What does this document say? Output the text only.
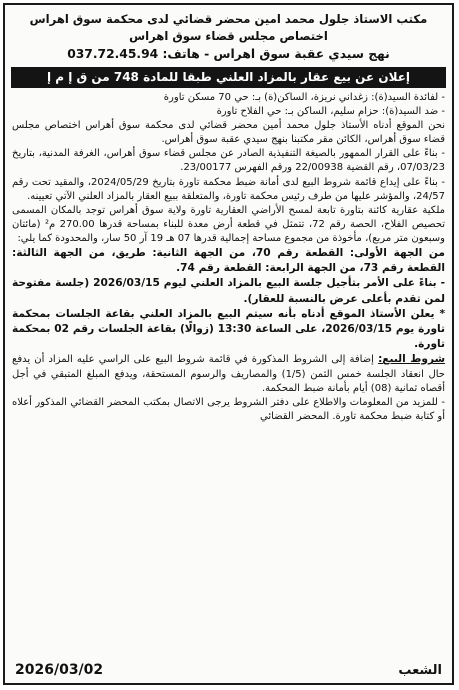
مكتب الاستاذ جلول محمد امين محضر قضائي لدى محكمة سوق اهراس
اختصاص مجلس قضاء سوق اهراس
نهج سيدي عقبة سوق اهراس - هاتف: 037.72.45.94
إعلان عن بيع عقار بالمزاد العلني طبقا للمادة 748 من ق إ م إ

- لفائدة السيد(ة): زغداني نريزة، الساكن(ة) بـ: حي 70 مسكن تاورة

- ضد السيد(ة): حزام سليم، الساكن بـ: حي الفلاح تاورة

نحن الموقع أدناه الأستاذ جلول محمد أمين محضر قضائي لدى محكمة سوق أهراس اختصاص مجلس قضاء سوق أهراس، الكائن مقر مكتبنا بنهج سيدي عقبة سوق أهراس.

- بناءً على القرار الممهور بالصيغة التنفيذية الصادر عن مجلس قضاء سوق أهراس، الغرفة المدنية، بتاريخ 07/03/23، رقم القضية 22/00938 ورقم الفهرس 23/00177.

- بناءً على إيداع قائمة شروط البيع لدى أمانة ضبط محكمة تاورة بتاريخ 2024/05/29، والمقيد تحت رقم 24/57، والمؤشر عليها من طرف رئيس محكمة تاورة، والمتعلقة ببيع العقار بالمزاد العلني الآتي تعيينه.

ملكية عقارية كائنة بتاورة تابعة لمسح الأراضي العقارية تاورة ولاية سوق أهراس توجد بالمكان المسمى تحصيص الفلاح، الحصة رقم 72، تتمثل في قطعة أرض معدة للبناء بمساحة قدرها 270.00 م² (مائتان وسبعون متر مربع)، مأخوذة من مجموع مساحة إجمالية قدرها 07 هـ 19 آر 50 سار، والمحدودة كما يلي:

من الجهة الأولى: القطعة رقم 70، من الجهة الثانية: طريق، من الجهة الثالثة: القطعة رقم 73، من الجهة الرابعة: القطعة رقم 74.

- بناءً على الأمر بتأجيل جلسة البيع بالمزاد العلني ليوم 2026/03/15 (جلسة مفتوحة لمن تقدم بأعلى عرض بالنسبة للعقار).

* يعلن الأستاذ الموقع أدناه بأنه سيتم البيع بالمزاد العلني بقاعة الجلسات بمحكمة تاورة يوم 2026/03/15، على الساعة 13:30 (زوالًا) بقاعة الجلسات رقم 02 بمحكمة تاورة.

شروط البيع: إضافة إلى الشروط المذكورة في قائمة شروط البيع على الراسي عليه المزاد أن يدفع حال انعقاد الجلسة خمس الثمن (1/5) والمصاريف والرسوم المستحقة، ويدفع المبلغ المتبقي في أجل أقصاه ثمانية (08) أيام بأمانة ضبط المحكمة.

- للمزيد من المعلومات والاطلاع على دفتر الشروط يرجى الاتصال بمكتب المحضر القضائي المذكور أعلاه أو كتابة ضبط محكمة تاورة. المحضر القضائي

الشعب
2026/03/02
